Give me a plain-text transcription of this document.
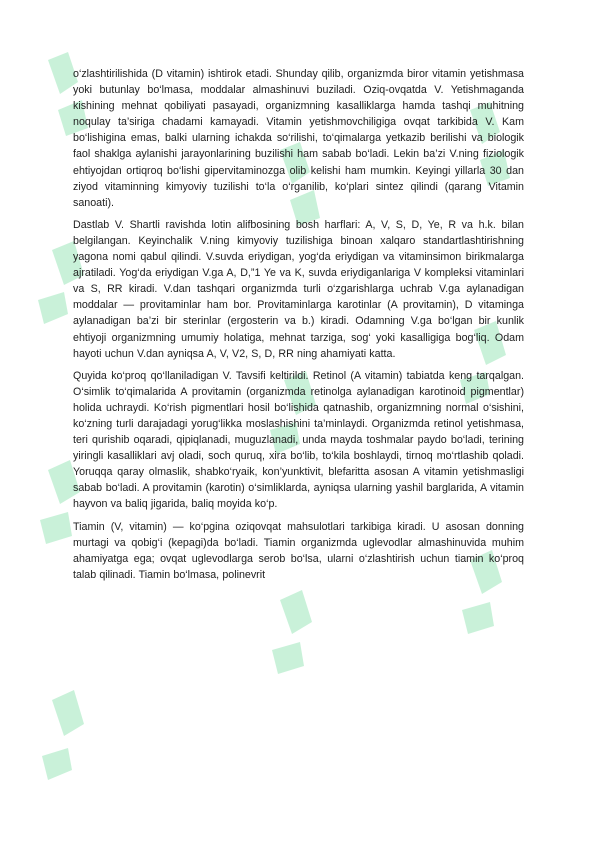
o‘zlashtirilishida (D vitamin) ishtirok etadi. Shunday qilib, organizmda biror vitamin yetishmasa yoki butunlay bo‘lmasa, moddalar almashinuvi buziladi. Oziq-ovqatda V. Yetishmaganda kishining mehnat qobiliyati pasayadi, organizmning kasalliklarga hamda tashqi muhitning noqulay ta’siriga chadami kamayadi. Vitamin yetishmovchiligiga ovqat tarkibida V. Kam bo‘lishigina emas, balki ularning ichakda so‘rilishi, to‘qimalarga yetkazib berilishi va biologik faol shaklga aylanishi jarayonlarining buzilishi ham sabab bo‘ladi. Lekin ba’zi V.ning fiziologik ehtiyojdan ortiqroq bo‘lishi gipervitaminozga olib kelishi ham mumkin. Keyingi yillarla 30 dan ziyod vitaminning kimyoviy tuzilishi to‘la o‘rganilib, ko‘plari sintez qilindi (qarang Vitamin sanoati).

Dastlab V. Shartli ravishda lotin alifbosining bosh harflari: A, V, S, D, Ye, R va h.k. bilan belgilangan. Keyinchalik V.ning kimyoviy tuzilishiga binoan xalqaro standartlashtirishning yagona nomi qabul qilindi. V.suvda eriydigan, yog‘da eriydigan va vitaminsimon birikmalarga ajratiladi. Yog‘da eriydigan V.ga A, D,”1 Ye va K, suvda eriydiganlariga V kompleksi vitaminlari va S, RR kiradi. V.dan tashqari organizmda turli o‘zgarishlarga uchrab V.ga aylanadigan moddalar — provitaminlar ham bor. Provitaminlarga karotinlar (A provitamin), D vitaminga aylanadigan ba’zi bir sterinlar (ergosterin va b.) kiradi. Odamning V.ga bo‘lgan bir kunlik ehtiyoji organizmning umumiy holatiga, mehnat tarziga, sog‘ yoki kasalligiga bog‘liq. Odam hayoti uchun V.dan ayniqsa A, V, V2, S, D, RR ning ahamiyati katta.

Quyida ko‘proq qo‘llaniladigan V. Tavsifi keltirildi. Retinol (A vitamin) tabiatda keng tarqalgan. O‘simlik to‘qimalarida A provitamin (organizmda retinolga aylanadigan karotinoid pigmentlar) holida uchraydi. Ko‘rish pigmentlari hosil bo‘lishida qatnashib, organizmning normal o‘sishini, ko‘zning turli darajadagi yorug‘likka moslashishini ta’minlaydi. Organizmda retinol yetishmasa, teri qurishib oqaradi, qipiqlanadi, muguzlanadi, unda mayda toshmalar paydo bo‘ladi, terining yiringli kasalliklari avj oladi, soch quruq, xira bo‘lib, to‘kila boshlaydi, tirnoq mo‘rtlashib qoladi. Yoruqqa qaray olmaslik, shabko‘ryaik, kon’yunktivit, blefaritta asosan A vitamin yetishmasligi sabab bo‘ladi. A provitamin (karotin) o‘simliklarda, ayniqsa ularning yashil barglarida, A vitamin hayvon va baliq jigarida, baliq moyida ko‘p.

Tiamin (V, vitamin) — ko‘pgina oziqovqat mahsulotlari tarkibiga kiradi. U asosan donning murtagi va qobig‘i (kepagi)da bo‘ladi. Tiamin organizmda uglevodlar almashinuvida muhim ahamiyatga ega; ovqat uglevodlarga serob bo‘lsa, ularni o‘zlashtirish uchun tiamin ko‘proq talab qilinadi. Tiamin bo‘lmasa, polinevrit
